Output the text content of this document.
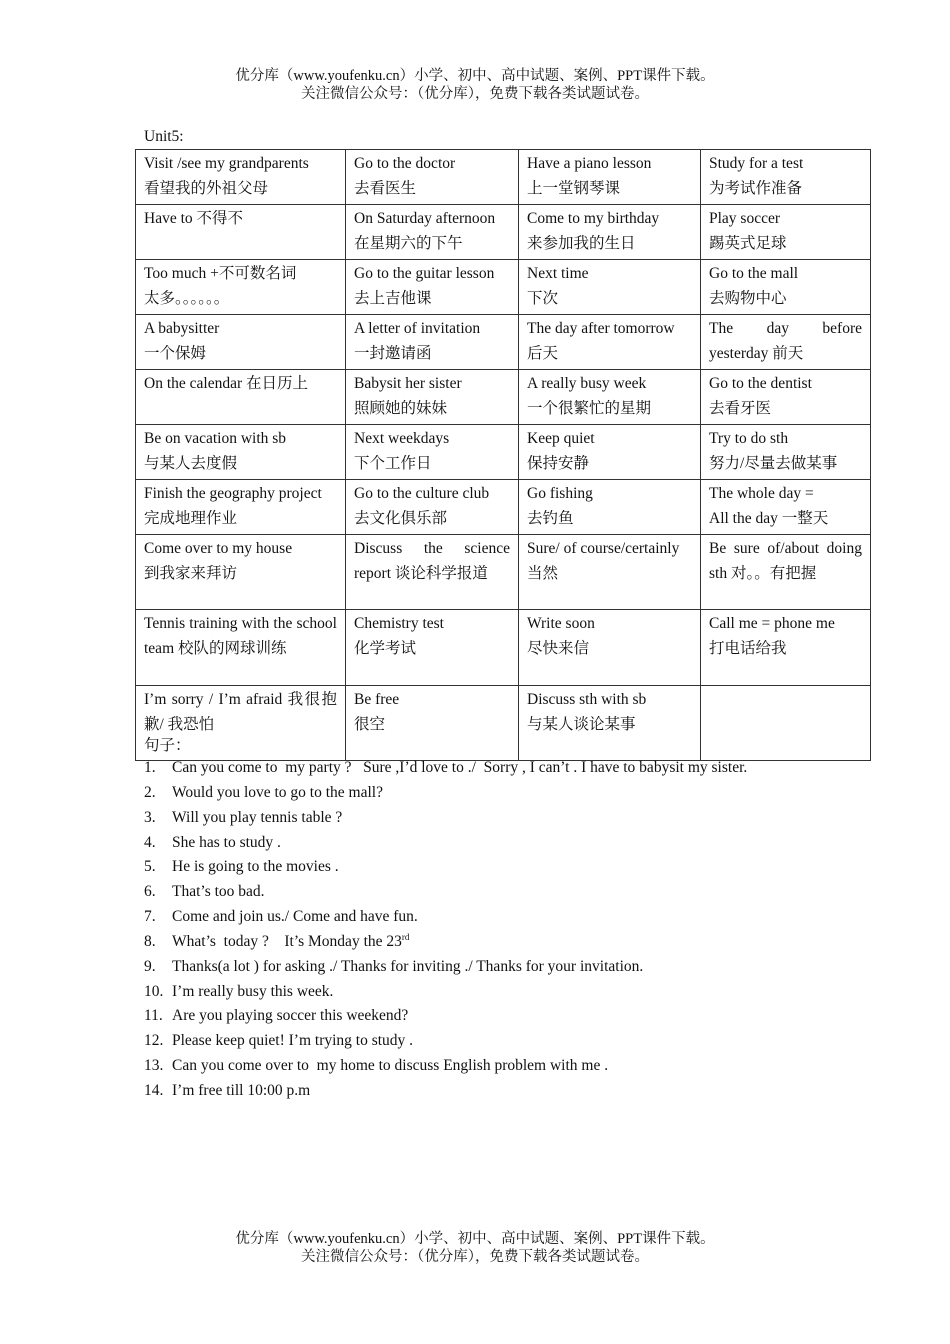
优分库（www.youfenku.cn）小学、初中、高中试题、案例、PPT课件下载。
关注微信公众号：（优分库），免费下载各类试题试卷。
Unit5:
Visit /see my grandparents
看望我的外祖父母	Go to the doctor
去看医生	Have a piano lesson
上一堂钢琴课	Study for a test
为考试作准备

Have to 不得不	On Saturday afternoon
在星期六的下午	Come to my birthday
来参加我的生日	Play soccer
踢英式足球

Too much +不可数名词
太多。。。。。。	Go to the guitar lesson
去上吉他课	Next time
下次	Go to the mall
去购物中心

A babysitter
一个保姆	A letter of invitation
一封邀请函	The day after tomorrow
后天	The day before yesterday 前天

On the calendar 在日历上	Babysit her sister
照顾她的妹妹	A really busy week
一个很繁忙的星期	Go to the dentist
去看牙医

Be on vacation with sb
与某人去度假	Next weekdays
下个工作日	Keep quiet
保持安静	Try to do sth
努力/尽量去做某事

Finish the geography project
完成地理作业	Go to the culture club
去文化俱乐部	Go fishing
去钓鱼	The whole day =
All the day 一整天

Come over to my house
到我家来拜访	Discuss the science report 谈论科学报道	Sure/ of course/certainly
当然	Be sure of/about doing sth 对。。有把握

Tennis training with the school team 校队的网球训练	Chemistry test
化学考试	Write soon
尽快来信	Call me = phone me
打电话给我

I’m sorry / I’m afraid 我很抱歉/ 我恐怕	Be free
很空	Discuss sth with sb
与某人谈论某事	

句子：
1. Can you come to  my party ?   Sure ,I’d love to ./  Sorry , I can’t . I have to babysit my sister.
2. Would you love to go to the mall?
3. Will you play tennis table ?
4. She has to study .
5. He is going to the movies .
6. That’s too bad.
7. Come and join us./ Come and have fun.
8. What’s  today ?    It’s Monday the 23rd
9. Thanks(a lot ) for asking ./ Thanks for inviting ./ Thanks for your invitation.
10. I’m really busy this week.
11. Are you playing soccer this weekend?
12. Please keep quiet! I’m trying to study .
13. Can you come over to  my home to discuss English problem with me .
14. I’m free till 10:00 p.m
优分库（www.youfenku.cn）小学、初中、高中试题、案例、PPT课件下载。
关注微信公众号：（优分库），免费下载各类试题试卷。
